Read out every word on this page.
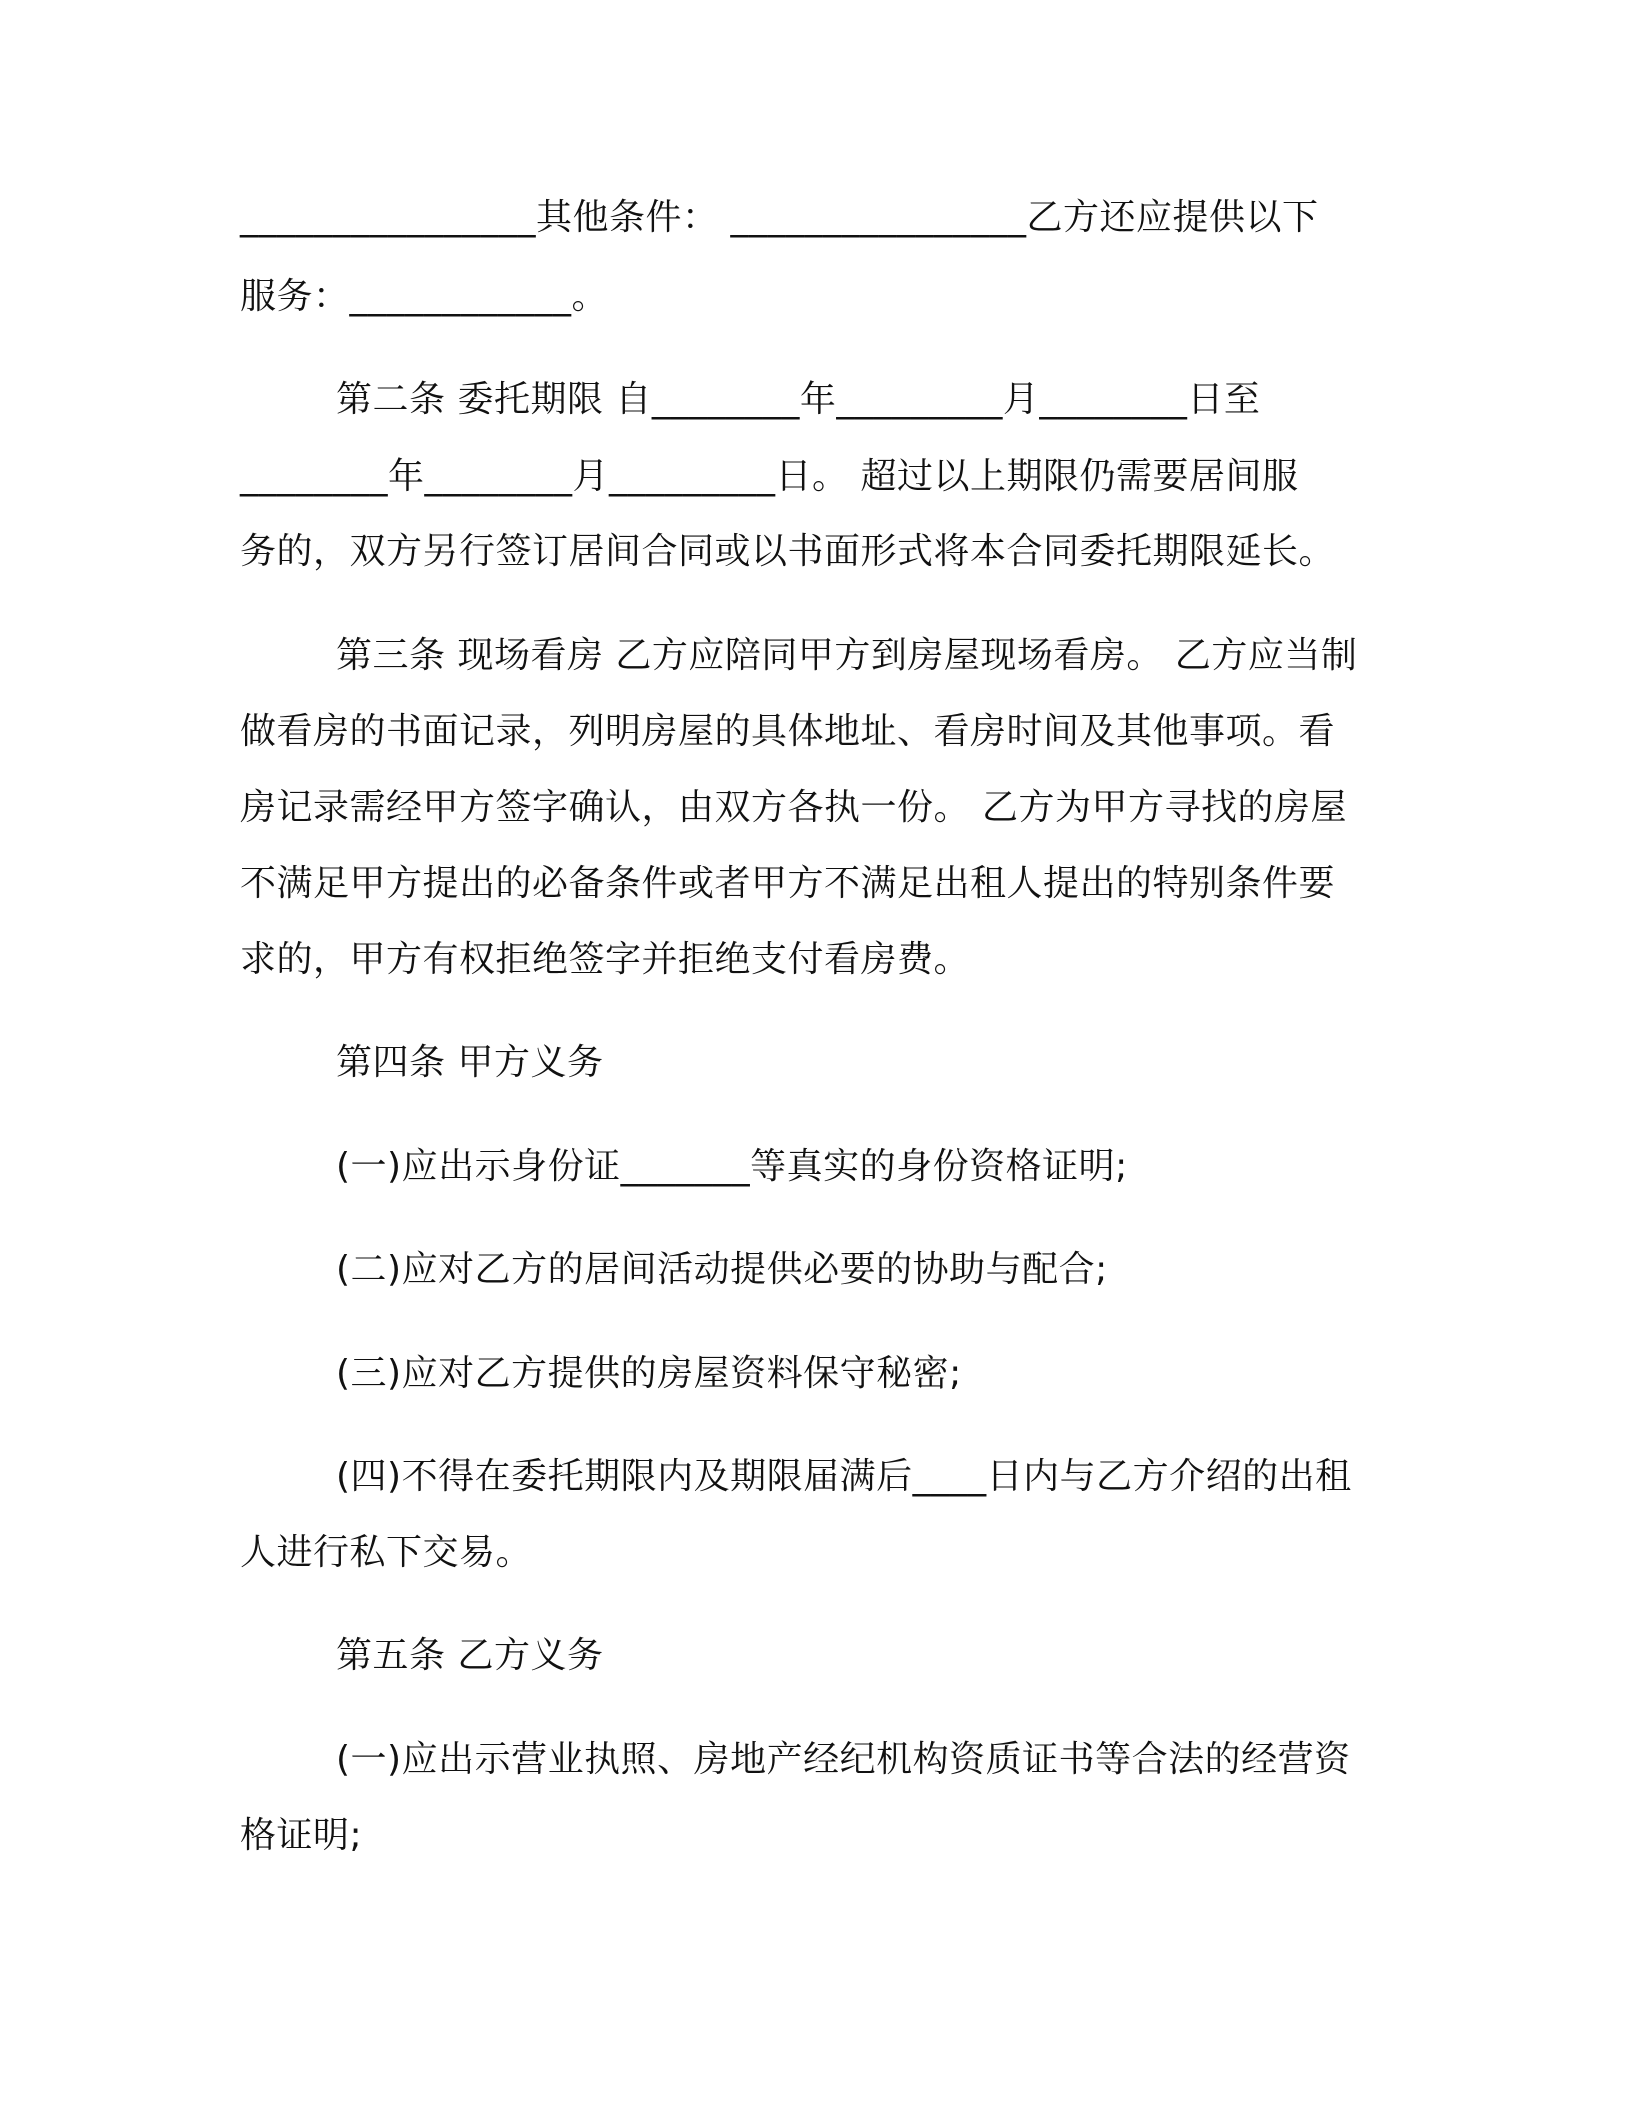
________________其他条件： ________________乙方还应提供以下
服务：____________。
第二条 委托期限 自________年_________月________日至
________年________月_________日。 超过以上期限仍需要居间服
务的，双方另行签订居间合同或以书面形式将本合同委托期限延长。
第三条 现场看房 乙方应陪同甲方到房屋现场看房。 乙方应当制
做看房的书面记录，列明房屋的具体地址、看房时间及其他事项。看
房记录需经甲方签字确认，由双方各执一份。 乙方为甲方寻找的房屋
不满足甲方提出的必备条件或者甲方不满足出租人提出的特别条件要
求的，甲方有权拒绝签字并拒绝支付看房费。
第四条 甲方义务
(一)应出示身份证_______等真实的身份资格证明;
(二)应对乙方的居间活动提供必要的协助与配合;
(三)应对乙方提供的房屋资料保守秘密;
(四)不得在委托期限内及期限届满后____日内与乙方介绍的出租
人进行私下交易。
第五条 乙方义务
(一)应出示营业执照、房地产经纪机构资质证书等合法的经营资
格证明;
